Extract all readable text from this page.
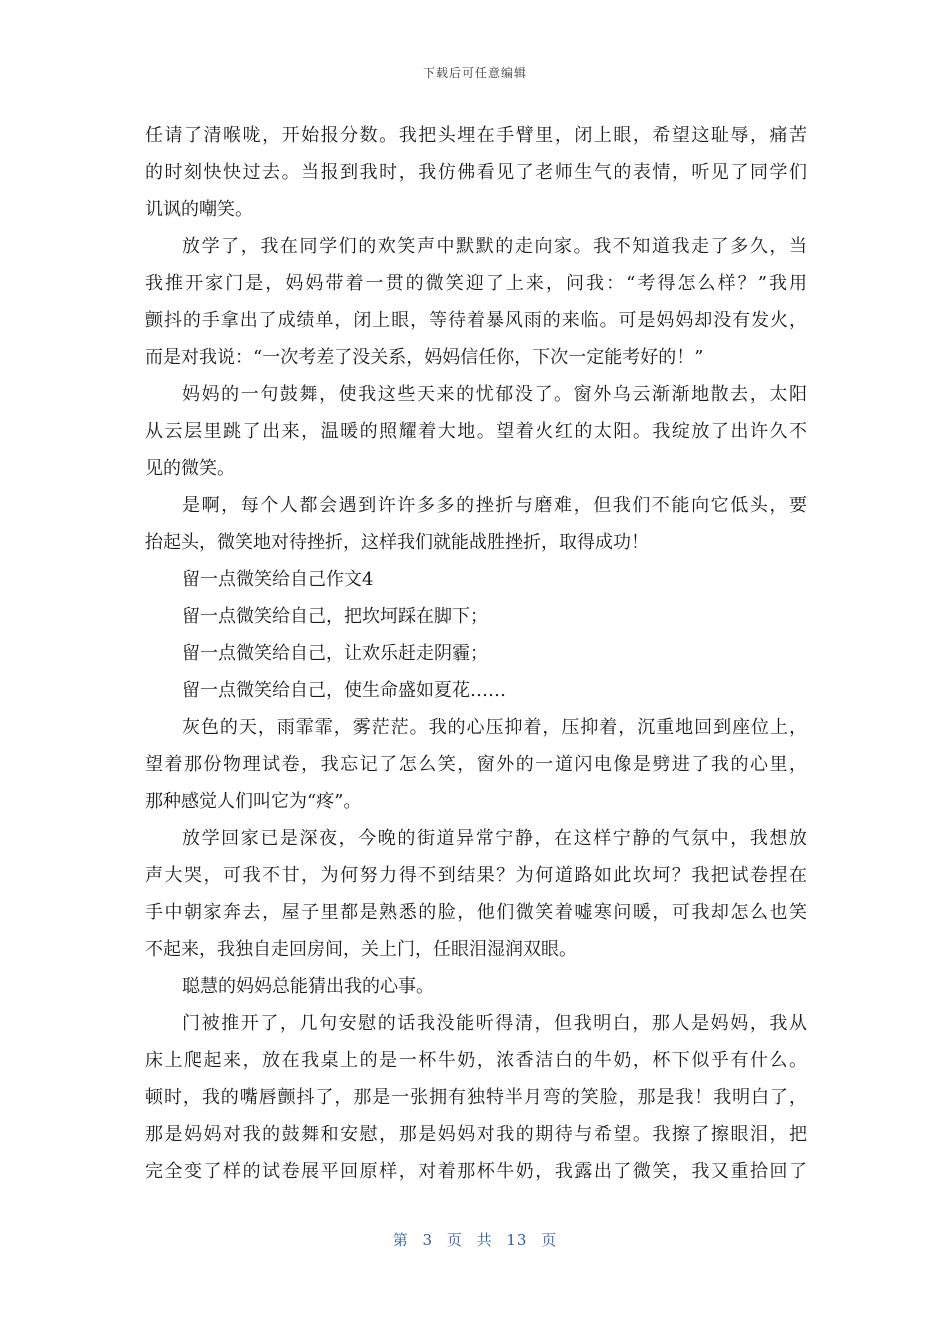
下载后可任意编辑
任请了清喉咙，开始报分数。我把头埋在手臂里，闭上眼，希望这耻辱，痛苦
的时刻快快过去。当报到我时，我仿佛看见了老师生气的表情，听见了同学们
讥讽的嘲笑。
放学了，我在同学们的欢笑声中默默的走向家。我不知道我走了多久，当
我推开家门是，妈妈带着一贯的微笑迎了上来，问我：“考得怎么样？”我用
颤抖的手拿出了成绩单，闭上眼，等待着暴风雨的来临。可是妈妈却没有发火，
而是对我说：“一次考差了没关系，妈妈信任你，下次一定能考好的！”
妈妈的一句鼓舞，使我这些天来的忧郁没了。窗外乌云渐渐地散去，太阳
从云层里跳了出来，温暖的照耀着大地。望着火红的太阳。我绽放了出许久不
见的微笑。
是啊，每个人都会遇到许许多多的挫折与磨难，但我们不能向它低头，要
抬起头，微笑地对待挫折，这样我们就能战胜挫折，取得成功！
留一点微笑给自己作文4
留一点微笑给自己，把坎坷踩在脚下；
留一点微笑给自己，让欢乐赶走阴霾；
留一点微笑给自己，使生命盛如夏花……
灰色的天，雨霏霏，雾茫茫。我的心压抑着，压抑着，沉重地回到座位上，
望着那份物理试卷，我忘记了怎么笑，窗外的一道闪电像是劈进了我的心里，
那种感觉人们叫它为“疼”。
放学回家已是深夜，今晚的街道异常宁静，在这样宁静的气氛中，我想放
声大哭，可我不甘，为何努力得不到结果？为何道路如此坎坷？我把试卷捏在
手中朝家奔去，屋子里都是熟悉的脸，他们微笑着嘘寒问暖，可我却怎么也笑
不起来，我独自走回房间，关上门，任眼泪湿润双眼。
聪慧的妈妈总能猜出我的心事。
门被推开了，几句安慰的话我没能听得清，但我明白，那人是妈妈，我从
床上爬起来，放在我桌上的是一杯牛奶，浓香洁白的牛奶，杯下似乎有什么。
顿时，我的嘴唇颤抖了，那是一张拥有独特半月弯的笑脸，那是我！我明白了，
那是妈妈对我的鼓舞和安慰，那是妈妈对我的期待与希望。我擦了擦眼泪，把
完全变了样的试卷展平回原样，对着那杯牛奶，我露出了微笑，我又重拾回了
第 3 页 共 13 页
